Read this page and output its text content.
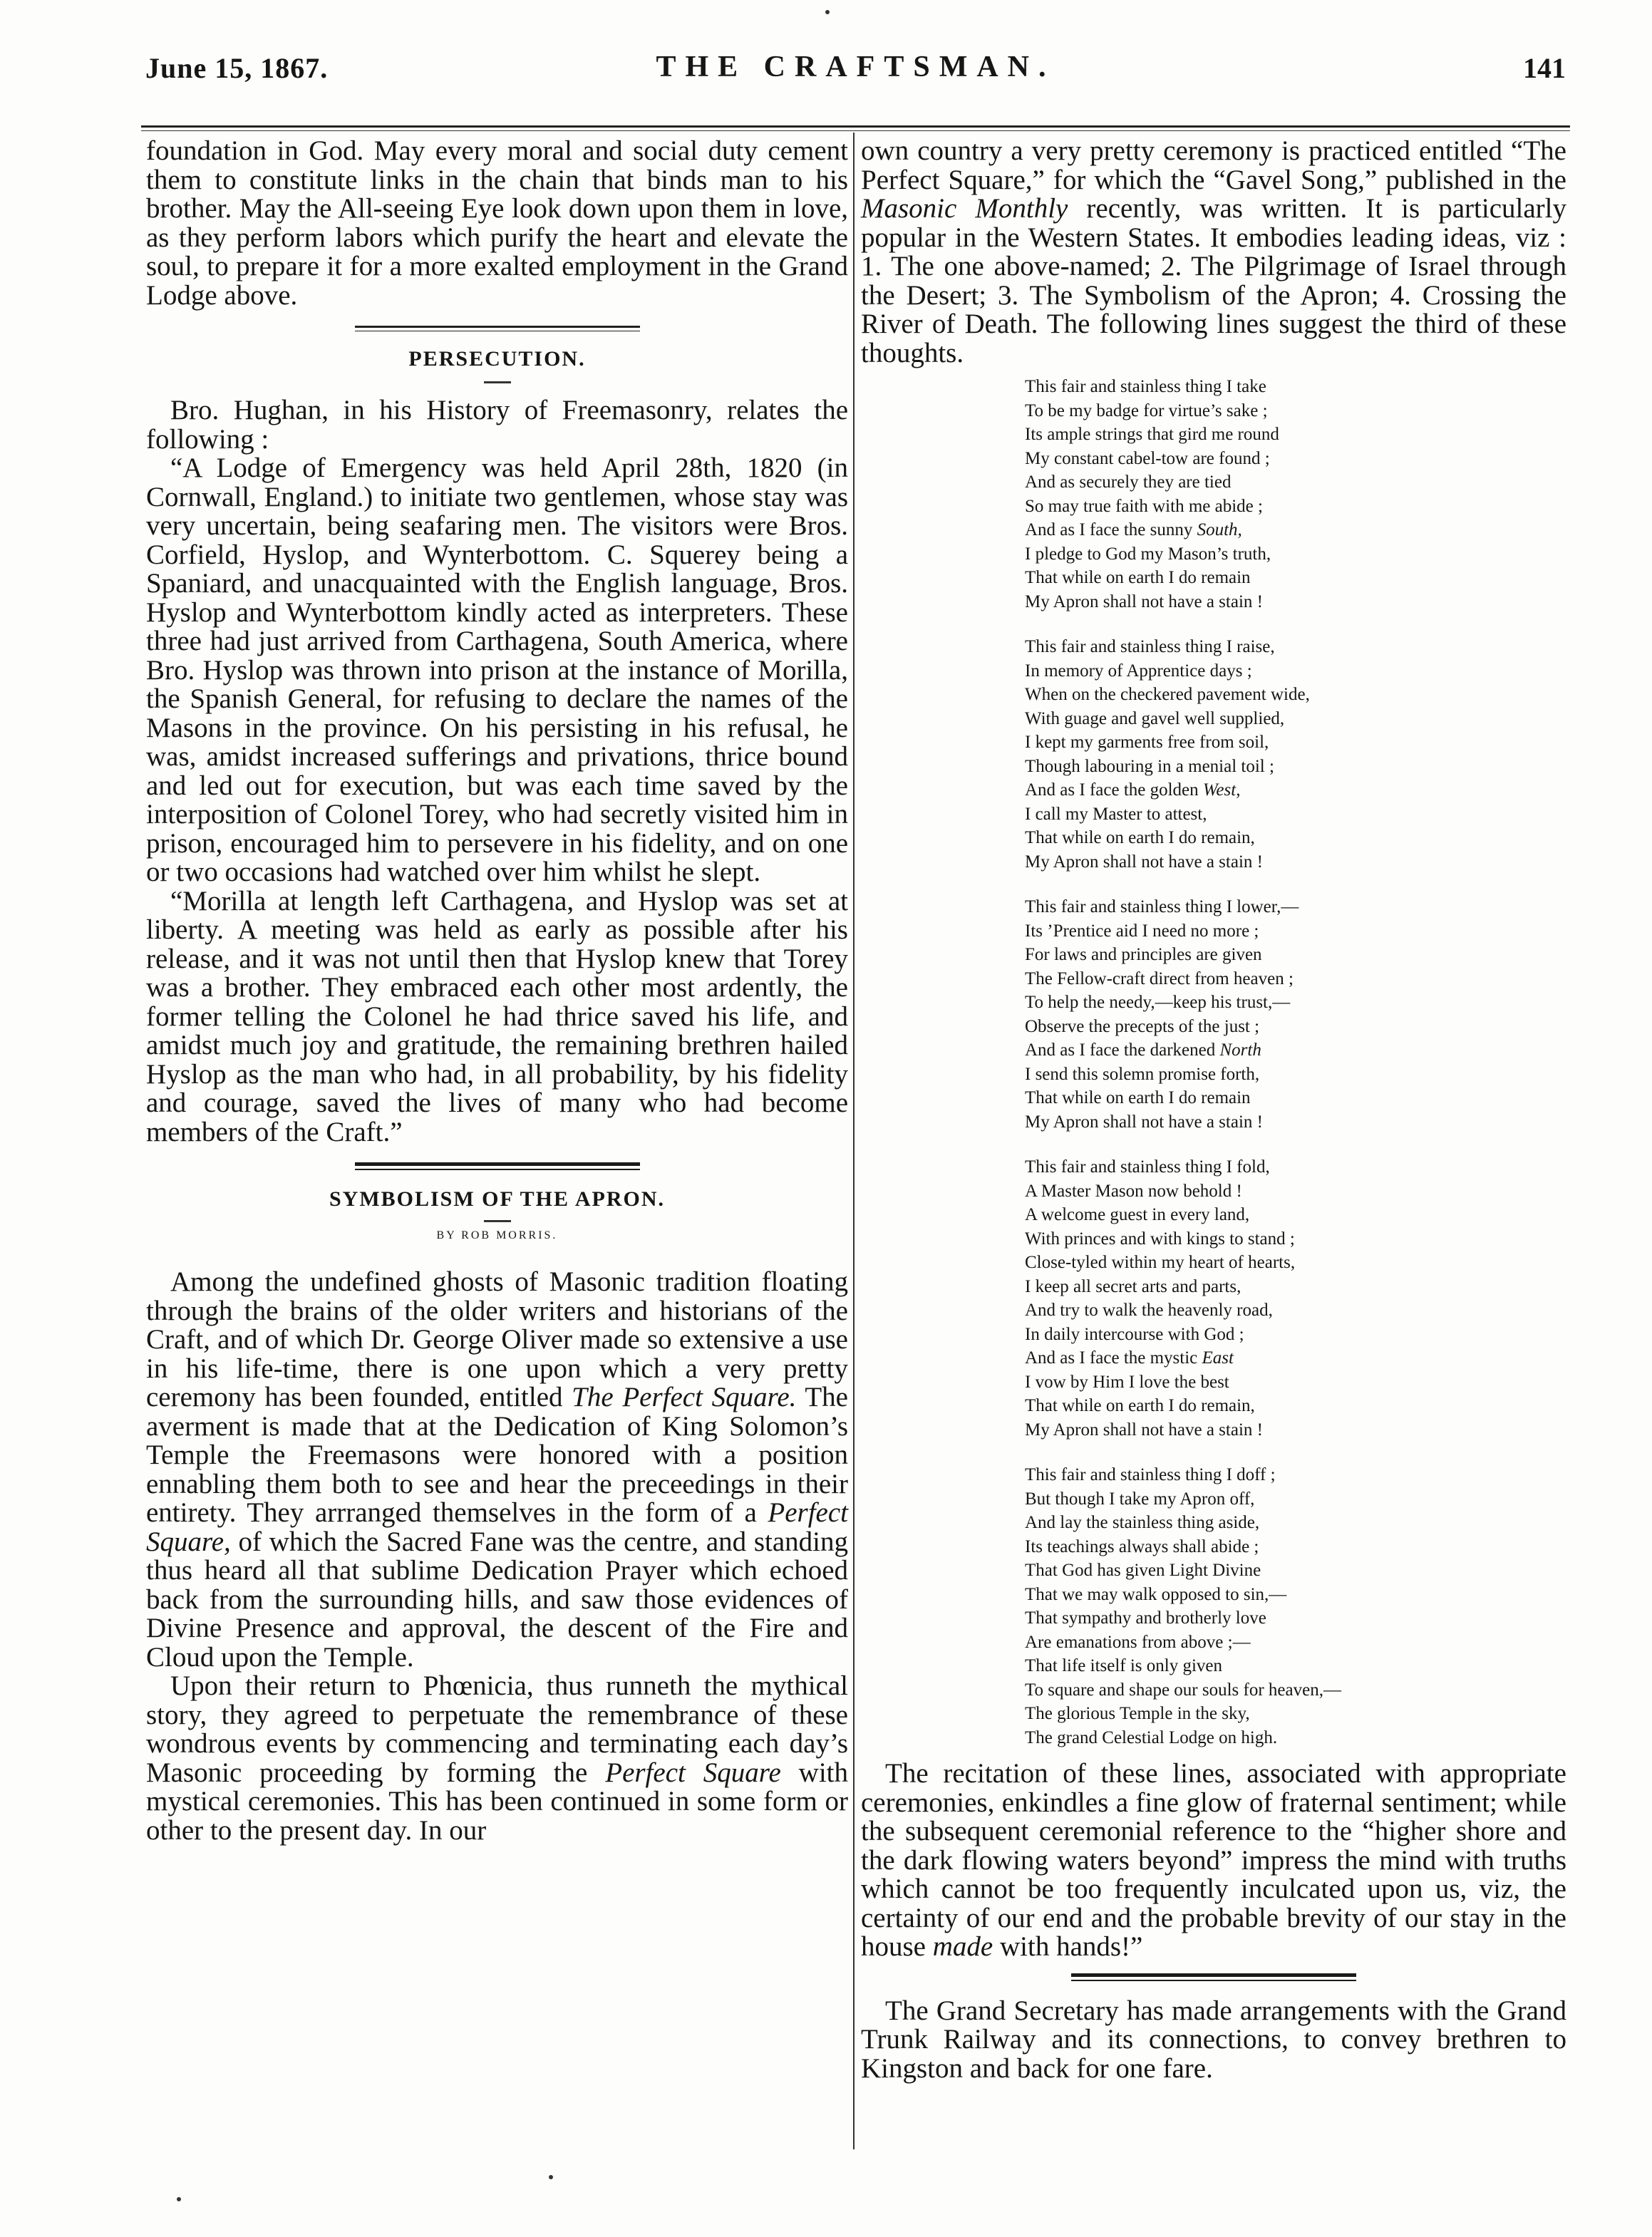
June 15, 1867.	THE CRAFTSMAN.	141

foundation in God. May every moral and social duty cement them to constitute links in the chain that binds man to his brother. May the All-seeing Eye look down upon them in love, as they perform labors which purify the heart and elevate the soul, to prepare it for a more exalted employment in the Grand Lodge above.

PERSECUTION.

Bro. Hughan, in his History of Freemasonry, relates the following :

“A Lodge of Emergency was held April 28th, 1820 (in Cornwall, England.) to initiate two gentlemen, whose stay was very uncertain, being seafaring men. The visitors were Bros. Corfield, Hyslop, and Wynterbottom. C. Squerey being a Spaniard, and unacquainted with the English language, Bros. Hyslop and Wynterbottom kindly acted as interpreters. These three had just arrived from Carthagena, South America, where Bro. Hyslop was thrown into prison at the instance of Morilla, the Spanish General, for refusing to declare the names of the Masons in the province. On his persisting in his refusal, he was, amidst increased sufferings and privations, thrice bound and led out for execution, but was each time saved by the interposition of Colonel Torey, who had secretly visited him in prison, encouraged him to persevere in his fidelity, and on one or two occasions had watched over him whilst he slept.

“Morilla at length left Carthagena, and Hyslop was set at liberty. A meeting was held as early as possible after his release, and it was not until then that Hyslop knew that Torey was a brother. They embraced each other most ardently, the former telling the Colonel he had thrice saved his life, and amidst much joy and gratitude, the remaining brethren hailed Hyslop as the man who had, in all probability, by his fidelity and courage, saved the lives of many who had become members of the Craft.”

SYMBOLISM OF THE APRON.

BY ROB MORRIS.

Among the undefined ghosts of Masonic tradition floating through the brains of the older writers and historians of the Craft, and of which Dr. George Oliver made so extensive a use in his life-time, there is one upon which a very pretty ceremony has been founded, entitled The Perfect Square. The averment is made that at the Dedication of King Solomon’s Temple the Freemasons were honored with a position ennabling them both to see and hear the preceedings in their entirety. They arrranged themselves in the form of a Perfect Square, of which the Sacred Fane was the centre, and standing thus heard all that sublime Dedication Prayer which echoed back from the surrounding hills, and saw those evidences of Divine Presence and approval, the descent of the Fire and Cloud upon the Temple.

Upon their return to Phœnicia, thus runneth the mythical story, they agreed to perpetuate the remembrance of these wondrous events by commencing and terminating each day’s Masonic proceeding by forming the Perfect Square with mystical ceremonies. This has been continued in some form or other to the present day. In our

own country a very pretty ceremony is practiced entitled “The Perfect Square,” for which the “Gavel Song,” published in the Masonic Monthly recently, was written. It is particularly popular in the Western States. It embodies leading ideas, viz : 1. The one above-named; 2. The Pilgrimage of Israel through the Desert; 3. The Symbolism of the Apron; 4. Crossing the River of Death. The following lines suggest the third of these thoughts.

This fair and stainless thing I take
To be my badge for virtue’s sake ;
Its ample strings that gird me round
My constant cabel-tow are found ;
And as securely they are tied
So may true faith with me abide ;
And as I face the sunny South,
I pledge to God my Mason’s truth,
That while on earth I do remain
My Apron shall not have a stain !
This fair and stainless thing I raise,
In memory of Apprentice days ;
When on the checkered pavement wide,
With guage and gavel well supplied,
I kept my garments free from soil,
Though labouring in a menial toil ;
And as I face the golden West,
I call my Master to attest,
That while on earth I do remain,
My Apron shall not have a stain !
This fair and stainless thing I lower,—
Its ’Prentice aid I need no more ;
For laws and principles are given
The Fellow-craft direct from heaven ;
To help the needy,—keep his trust,—
Observe the precepts of the just ;
And as I face the darkened North
I send this solemn promise forth,
That while on earth I do remain
My Apron shall not have a stain !
This fair and stainless thing I fold,
A Master Mason now behold !
A welcome guest in every land,
With princes and with kings to stand ;
Close-tyled within my heart of hearts,
I keep all secret arts and parts,
And try to walk the heavenly road,
In daily intercourse with God ;
And as I face the mystic East
I vow by Him I love the best
That while on earth I do remain,
My Apron shall not have a stain !
This fair and stainless thing I doff ;
But though I take my Apron off,
And lay the stainless thing aside,
Its teachings always shall abide ;
That God has given Light Divine
That we may walk opposed to sin,—
That sympathy and brotherly love
Are emanations from above ;—
That life itself is only given
To square and shape our souls for heaven,—
The glorious Temple in the sky,
The grand Celestial Lodge on high.

The recitation of these lines, associated with appropriate ceremonies, enkindles a fine glow of fraternal sentiment; while the subsequent ceremonial reference to the “higher shore and the dark flowing waters beyond” impress the mind with truths which cannot be too frequently inculcated upon us, viz, the certainty of our end and the probable brevity of our stay in the house made with hands!”

The Grand Secretary has made arrangements with the Grand Trunk Railway and its connections, to convey brethren to Kingston and back for one fare.
